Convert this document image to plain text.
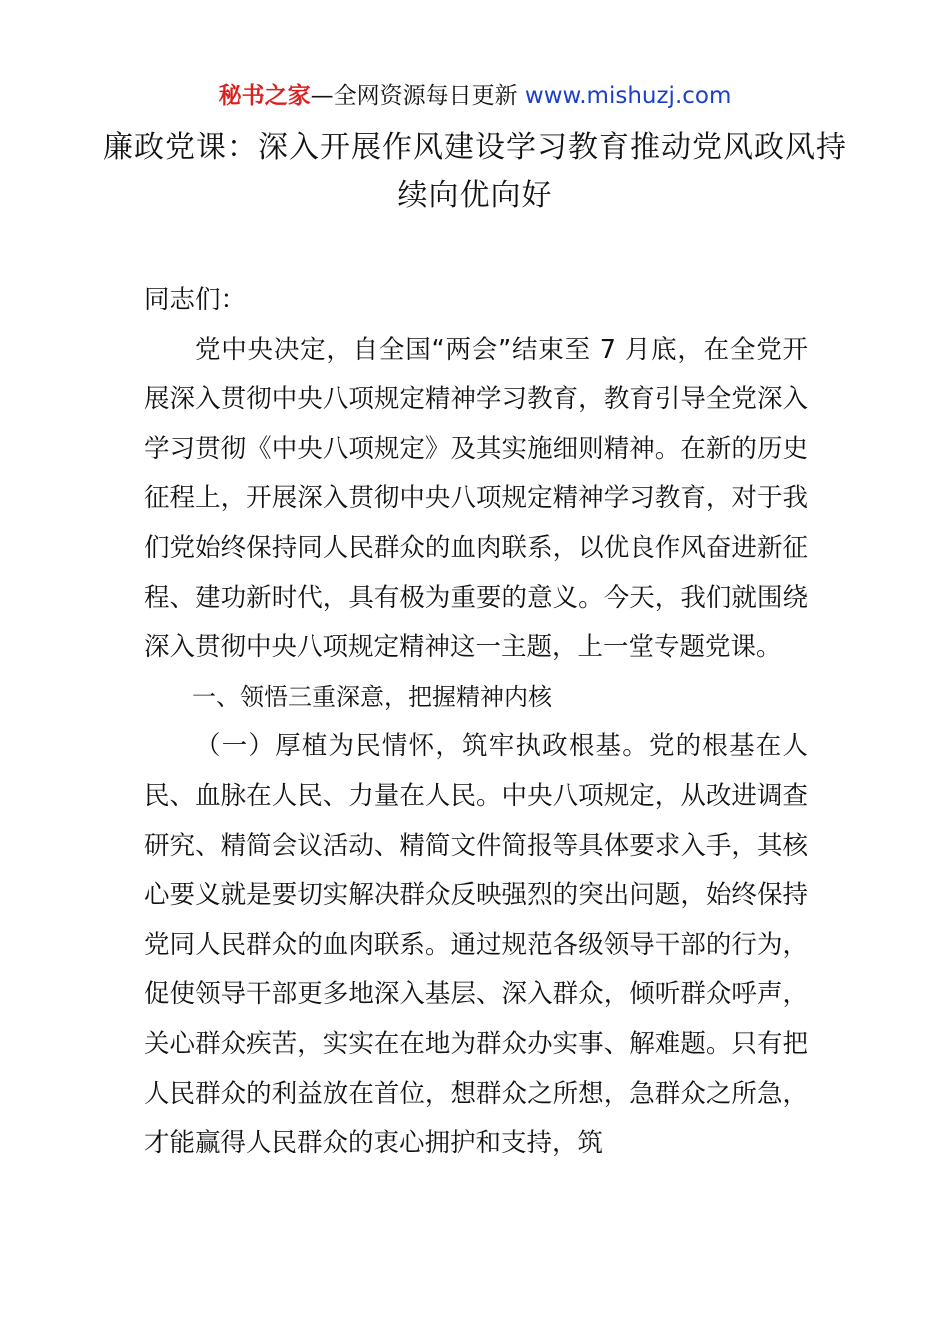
秘书之家—全网资源每日更新 www.mishuzj.com
廉政党课：深入开展作风建设学习教育推动党风政风持续向优向好

同志们：

党中央决定，自全国“两会”结束至 7 月底，在全党开展深入贯彻中央八项规定精神学习教育，教育引导全党深入学习贯彻《中央八项规定》及其实施细则精神。在新的历史征程上，开展深入贯彻中央八项规定精神学习教育，对于我们党始终保持同人民群众的血肉联系，以优良作风奋进新征程、建功新时代，具有极为重要的意义。今天，我们就围绕深入贯彻中央八项规定精神这一主题，上一堂专题党课。

一、领悟三重深意，把握精神内核

（一）厚植为民情怀，筑牢执政根基。党的根基在人民、血脉在人民、力量在人民。中央八项规定，从改进调查研究、精简会议活动、精简文件简报等具体要求入手，其核心要义就是要切实解决群众反映强烈的突出问题，始终保持党同人民群众的血肉联系。通过规范各级领导干部的行为，促使领导干部更多地深入基层、深入群众，倾听群众呼声，关心群众疾苦，实实在在地为群众办实事、解难题。只有把人民群众的利益放在首位，想群众之所想，急群众之所急，才能赢得人民群众的衷心拥护和支持，筑
